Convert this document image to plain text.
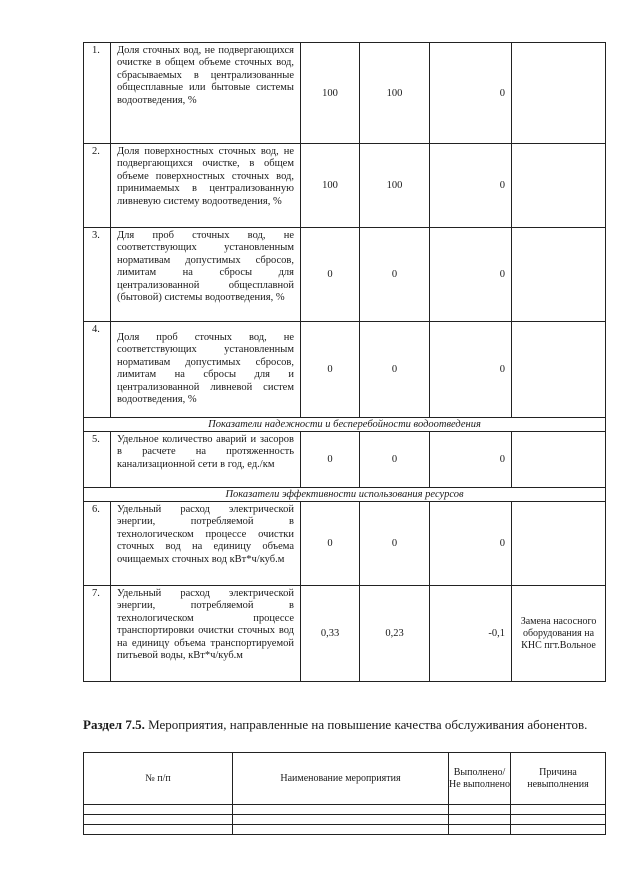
1.	Доля сточных вод, не подвергающихся очистке в общем объеме сточных вод, сбрасываемых в централизованные общесплавные или бытовые системы водоотведения, %	100	100	0	
2.	Доля поверхностных сточных вод, не подвергающихся очистке, в общем объеме поверхностных сточных вод, принимаемых в централизованную ливневую систему водоотведения, %	100	100	0	
3.	Для проб сточных вод, не соответствующих установленным нормативам допустимых сбросов, лимитам на сбросы для централизованной общесплавной (бытовой) системы водоотведения, %	0	0	0	
4.	Доля проб сточных вод, не соответствующих установленным нормативам допустимых сбросов, лимитам на сбросы для и централизованной ливневой систем водоотведения, %	0	0	0	
Показатели надежности и бесперебойности водоотведения					
5.	Удельное количество аварий и засоров в расчете на протяженность канализационной сети в год, ед./км	0	0	0	
Показатели эффективности использования ресурсов					
6.	Удельный расход электрической энергии, потребляемой в технологическом процессе очистки сточных вод на единицу объема очищаемых сточных вод кВт*ч/куб.м	0	0	0	
7.	Удельный расход электрической энергии, потребляемой в технологическом процессе транспортировки очистки сточных вод на единицу объема транспортируемой питьевой воды, кВт*ч/куб.м	0,33	0,23	-0,1	Замена насосного оборудования на КНС пгт.Вольное
Раздел 7.5. Мероприятия, направленные на повышение качества обслуживания абонентов.
№ п/п	Наименование мероприятия	Выполнено/ Не выполнено	Причина невыполнения
